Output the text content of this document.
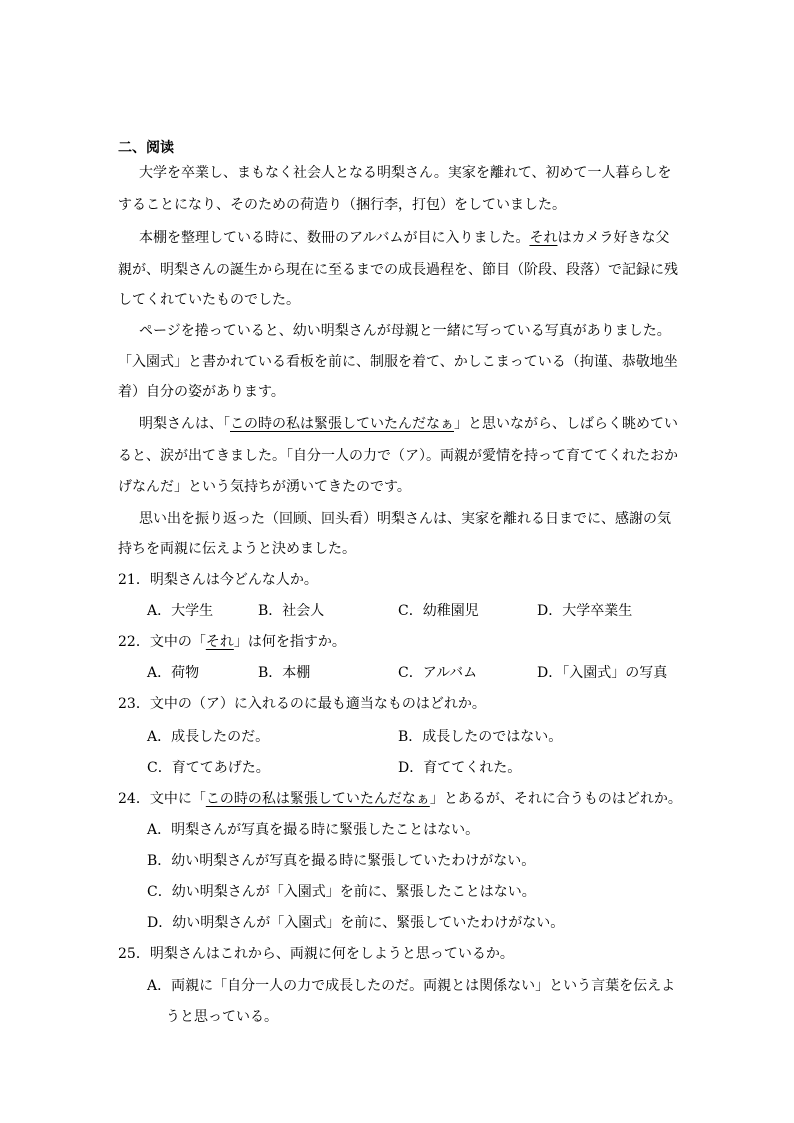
二、阅读
大学を卒業し、まもなく社会人となる明梨さん。実家を離れて、初めて一人暮らしを
することになり、そのための荷造り（捆行李，打包）をしていました。
本棚を整理している時に、数冊のアルバムが目に入りました。それはカメラ好きな父
親が、明梨さんの誕生から現在に至るまでの成長過程を、節目（阶段、段落）で記録に残
してくれていたものでした。
ページを捲っていると、幼い明梨さんが母親と一緒に写っている写真がありました。
「入園式」と書かれている看板を前に、制服を着て、かしこまっている（拘谨、恭敬地坐
着）自分の姿があります。
明梨さんは、「この時の私は緊張していたんだなぁ」と思いながら、しばらく眺めてい
ると、涙が出てきました。「自分一人の力で（ア）。両親が愛情を持って育ててくれたおか
げなんだ」という気持ちが湧いてきたのです。
思い出を振り返った（回顾、回头看）明梨さんは、実家を離れる日までに、感謝の気
持ちを両親に伝えようと決めました。
21．明梨さんは今どんな人か。
A．大学生	B．社会人	C．幼稚園児	D．大学卒業生
22．文中の「それ」は何を指すか。
A．荷物	B．本棚	C．アルバム	D．「入園式」の写真
23．文中の（ア）に入れるのに最も適当なものはどれか。
A．成長したのだ。	B．成長したのではない。
C．育ててあげた。	D．育ててくれた。
24．文中に「この時の私は緊張していたんだなぁ」とあるが、それに合うものはどれか。
A．明梨さんが写真を撮る時に緊張したことはない。
B．幼い明梨さんが写真を撮る時に緊張していたわけがない。
C．幼い明梨さんが「入園式」を前に、緊張したことはない。
D．幼い明梨さんが「入園式」を前に、緊張していたわけがない。
25．明梨さんはこれから、両親に何をしようと思っているか。
A．両親に「自分一人の力で成長したのだ。両親とは関係ない」という言葉を伝えよ
うと思っている。
